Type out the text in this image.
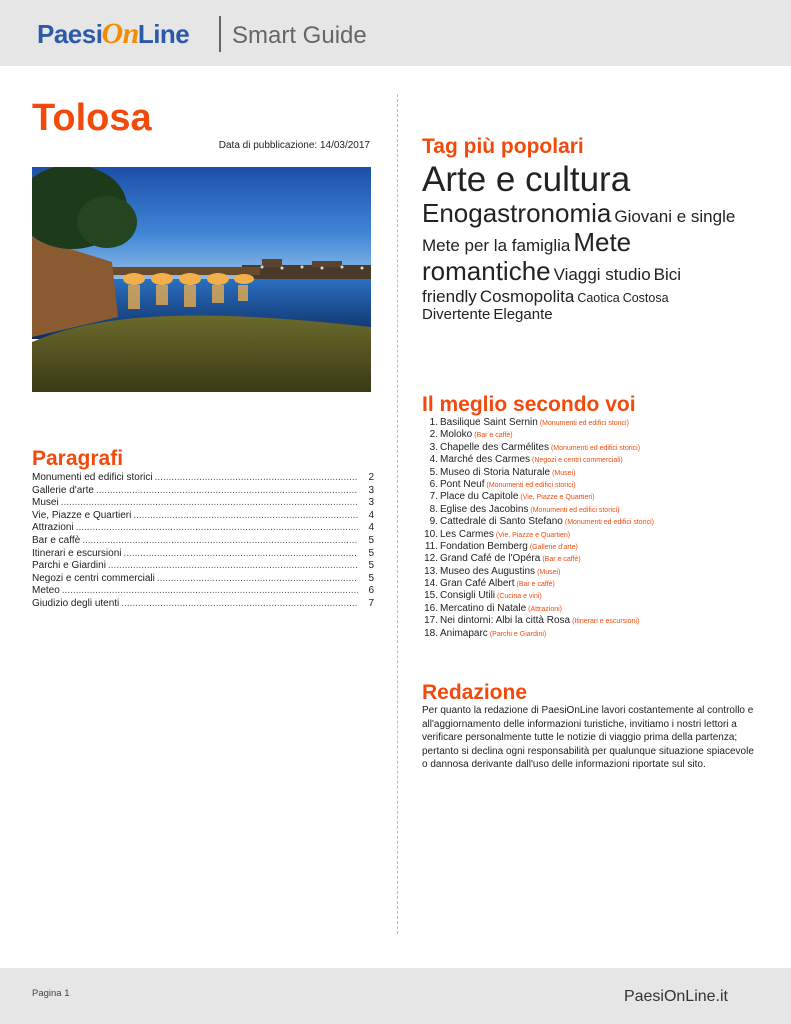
Paesi On Line Smart Guide
Tolosa
Data di pubblicazione: 14/03/2017
Paragrafi
Monumenti ed edifici storici .....	2
Gallerie d'arte .....	3
Musei .....	3
Vie, Piazze e Quartieri .....	4
Attrazioni .....	4
Bar e caffè .....	5
Itinerari e escursioni .....	5
Parchi e Giardini .....	5
Negozi e centri commerciali .....	5
Meteo .....	6
Giudizio degli utenti .....	7
Tag più popolari
Arte e cultura
Enogastronomia Giovani e single
Mete per la famiglia Mete romantiche Viaggi studio Bici friendly Cosmopolita Caotica Costosa
Divertente Elegante
Il meglio secondo voi
1. Basilique Saint Sernin (Monumenti ed edifici storici)
2. Moloko (Bar e caffè)
3. Chapelle des Carmélites (Monumenti ed edifici storici)
4. Marché des Carmes (Negozi e centri commerciali)
5. Museo di Storia Naturale (Musei)
6. Pont Neuf (Monumenti ed edifici storici)
7. Place du Capitole (Vie, Piazze e Quartieri)
8. Eglise des Jacobins (Monumenti ed edifici storici)
9. Cattedrale di Santo Stefano (Monumenti ed edifici storici)
10. Les Carmes (Vie, Piazze e Quartieri)
11. Fondation Bemberg (Gallerie d'arte)
12. Grand Café de l'Opéra (Bar e caffè)
13. Museo des Augustins (Musei)
14. Gran Café Albert (Bar e caffè)
15. Consigli Utili (Cucina e vini)
16. Mercatino di Natale (Attrazioni)
17. Nei dintorni: Albi la città Rosa (Itinerari e escursioni)
18. Animaparc (Parchi e Giardini)
Redazione
Per quanto la redazione di PaesiOnLine lavori costantemente al controllo e all'aggiornamento delle informazioni turistiche, invitiamo i nostri lettori a verificare personalmente tutte le notizie di viaggio prima della partenza; pertanto si declina ogni responsabilità per qualunque situazione spiacevole o dannosa derivante dall'uso delle informazioni riportate sul sito.
Pagina 1	PaesiOnLine.it
